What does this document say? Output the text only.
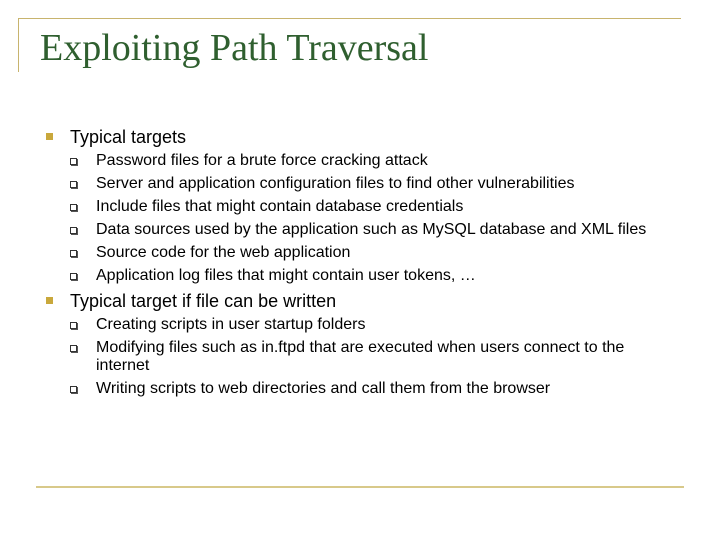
Exploiting Path Traversal
Typical targets
Password files for a brute force cracking attack
Server and application configuration files to find other vulnerabilities
Include files that might contain database credentials
Data sources used by the application such as MySQL database and XML files
Source code for the web application
Application log files that might contain user tokens, …
Typical target if file can be written
Creating scripts in user startup folders
Modifying files such as in.ftpd that are executed when users connect to the internet
Writing scripts to web directories and call them from the browser
